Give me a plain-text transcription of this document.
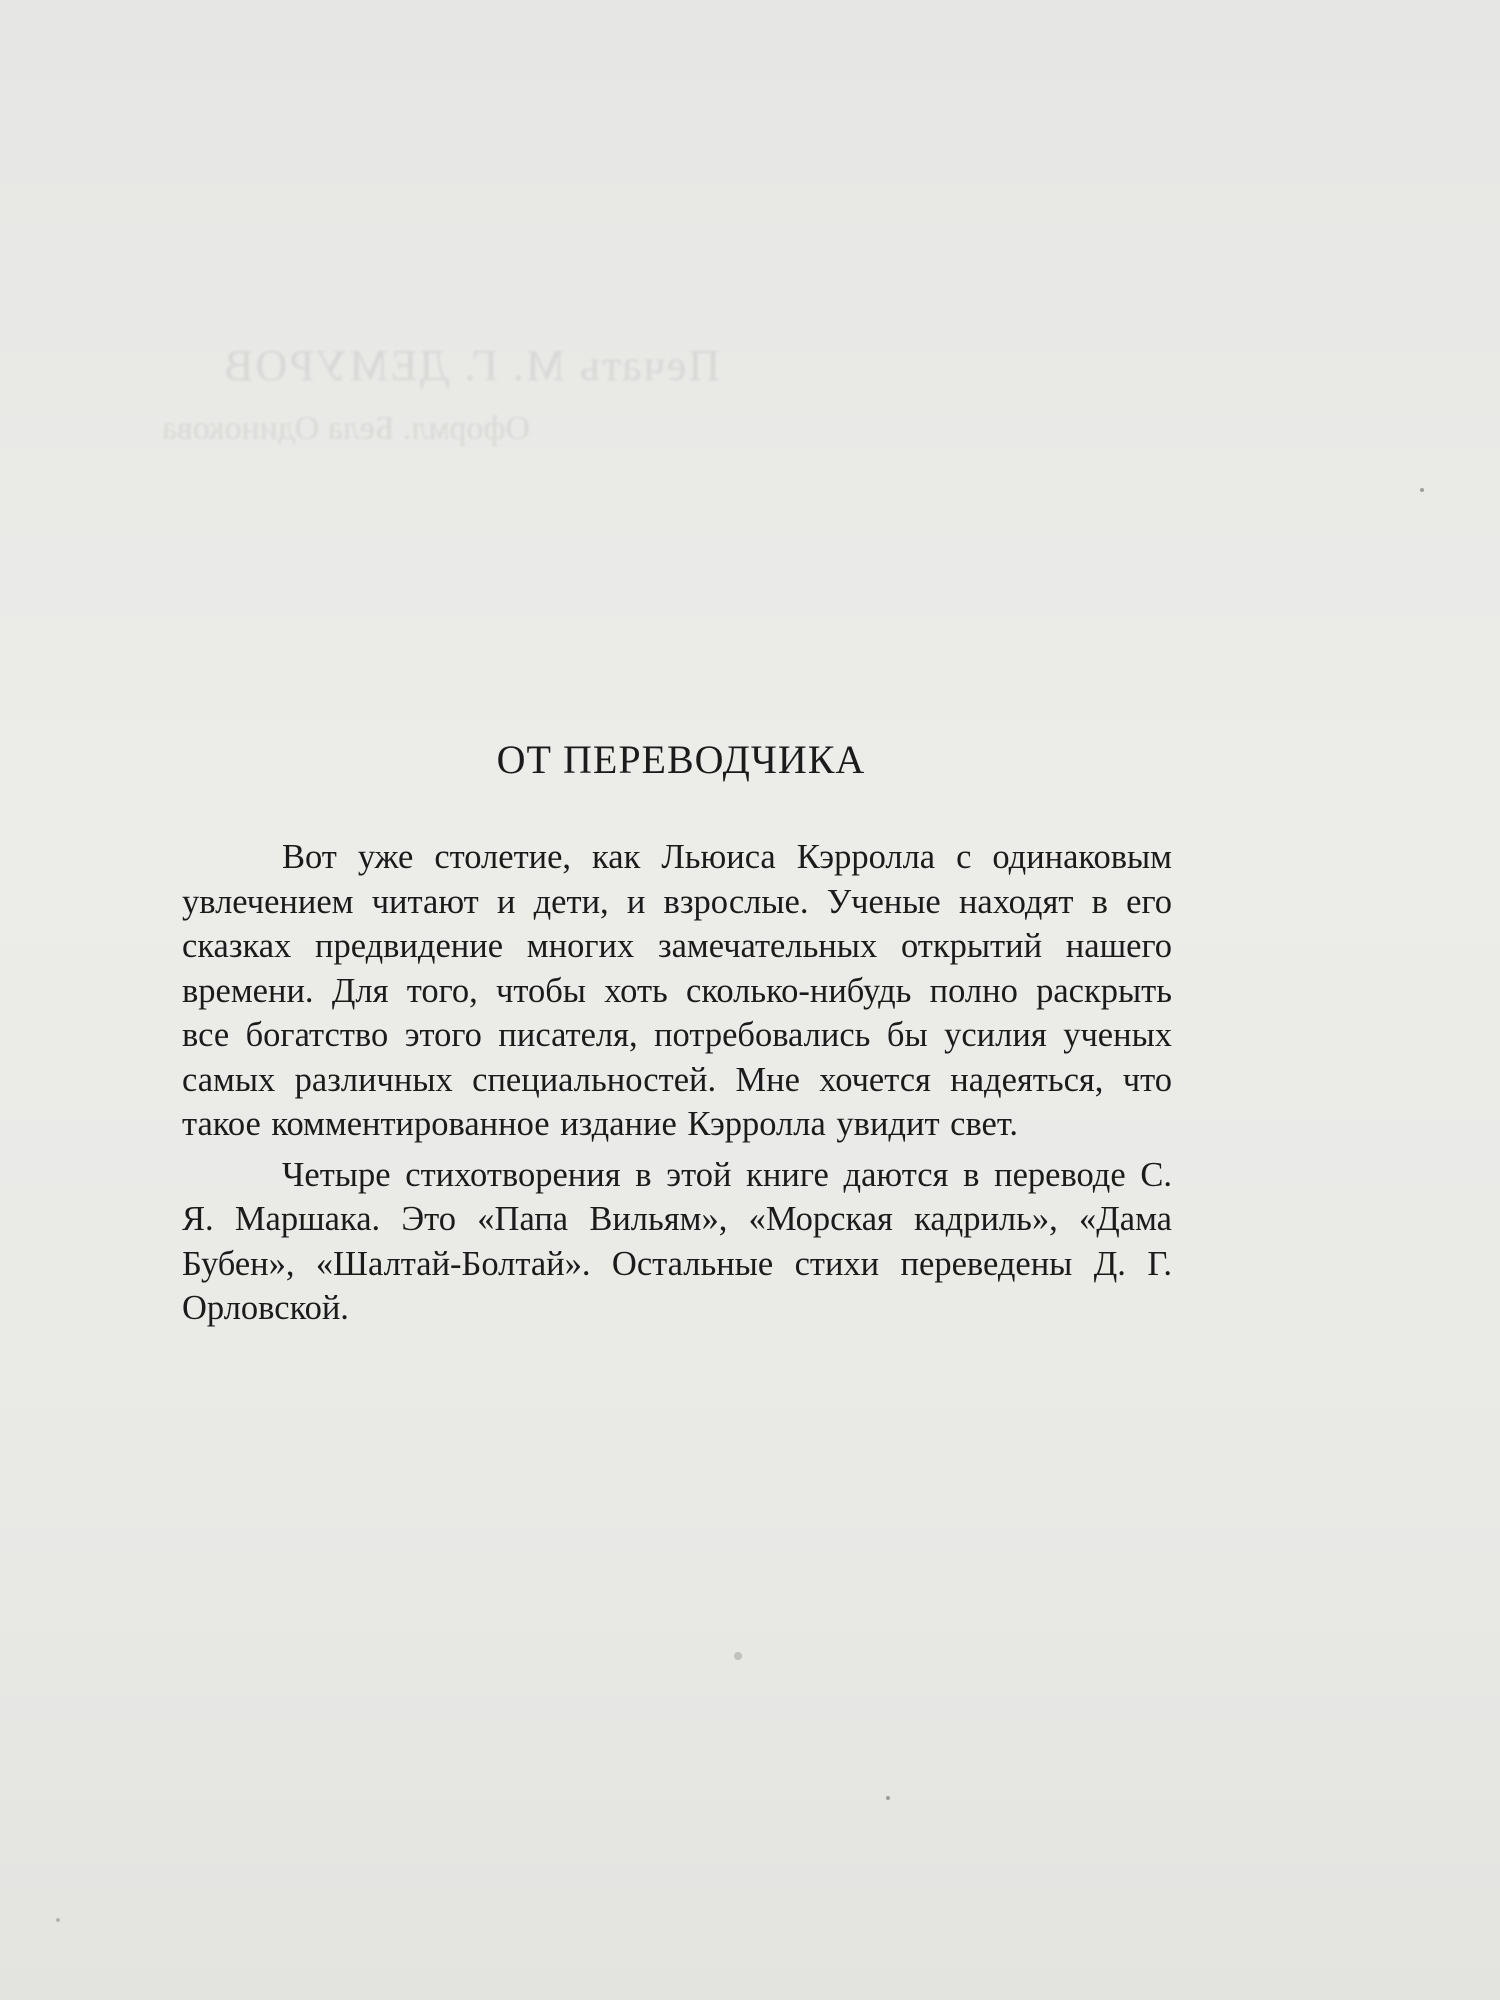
Печать М. Г. ДЕМУРОВ
Оформл. Бела Одинокова
ОТ ПЕРЕВОДЧИКА

Вот уже столетие, как Льюиса Кэрролла с одинаковым увлечением читают и дети, и взрослые. Ученые находят в его сказках предвидение многих замечательных открытий нашего времени. Для того, чтобы хоть сколько-нибудь полно раскрыть все богатство этого писателя, потребовались бы усилия ученых самых различных специальностей. Мне хочется надеяться, что такое комментированное издание Кэрролла увидит свет.

Четыре стихотворения в этой книге даются в переводе С. Я. Маршака. Это «Папа Вильям», «Морская кадриль», «Дама Бубен», «Шалтай-Болтай». Остальные стихи переведены Д. Г. Орловской.
